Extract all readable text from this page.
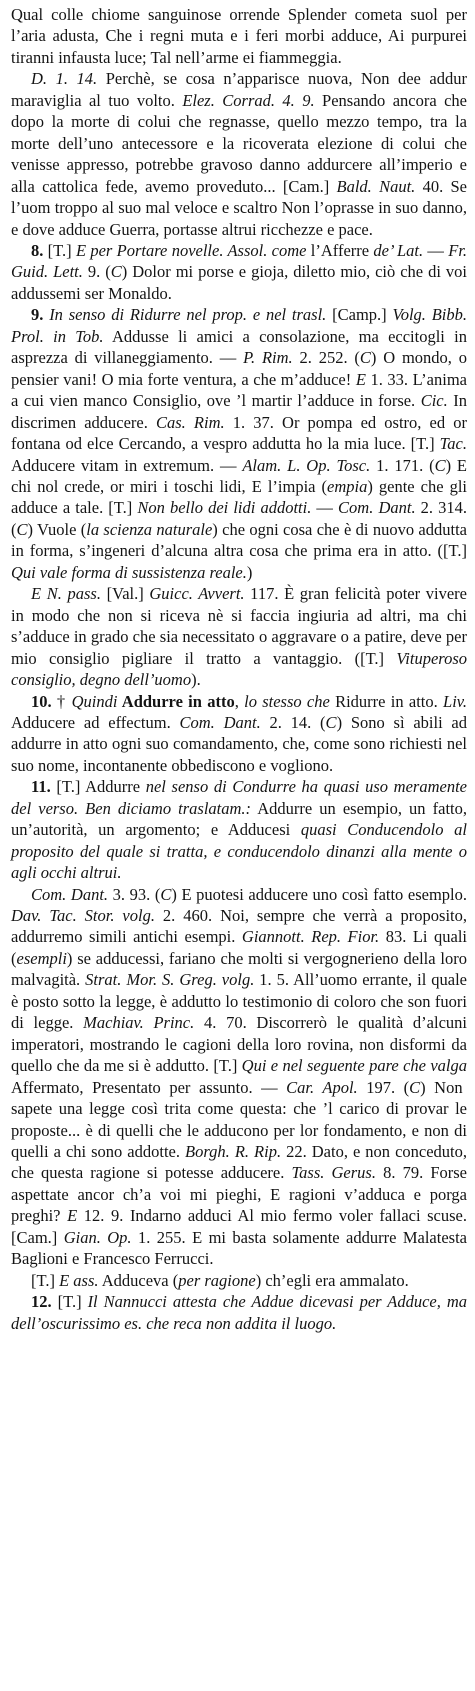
Qual colle chiome sanguinose orrende Splender cometa suol per l’aria adusta, Che i regni muta e i feri morbi adduce, Ai purpurei tiranni infausta luce; Tal nell’arme ei fiammeggia.

D. 1. 14. Perchè, se cosa n’apparisce nuova, Non dee addur maraviglia al tuo volto. Elez. Corrad. 4. 9. Pensando ancora che dopo la morte di colui che regnasse, quello mezzo tempo, tra la morte dell’uno antecessore e la ricoverata elezione di colui che venisse appresso, potrebbe gravoso danno addurcere all’imperio e alla cattolica fede, avemo proveduto... [Cam.] Bald. Naut. 40. Se l’uom troppo al suo mal veloce e scaltro Non l’oprasse in suo danno, e dove adduce Guerra, portasse altrui ricchezze e pace.

8. [T.] E per Portare novelle. Assol. come l’Afferre de’ Lat. — Fr. Guid. Lett. 9. (C) Dolor mi porse e gioja, diletto mio, ciò che di voi addussemi ser Monaldo.

9. In senso di Ridurre nel prop. e nel trasl. [Camp.] Volg. Bibb. Prol. in Tob. Addusse li amici a consolazione, ma eccitogli in asprezza di villaneggiamento. — P. Rim. 2. 252. (C) O mondo, o pensier vani! O mia forte ventura, a che m’adduce! E 1. 33. L’anima a cui vien manco Consiglio, ove ’l martir l’adduce in forse. Cic. In discrimen adducere. Cas. Rim. 1. 37. Or pompa ed ostro, ed or fontana od elce Cercando, a vespro addutta ho la mia luce. [T.] Tac. Adducere vitam in extremum. — Alam. L. Op. Tosc. 1. 171. (C) E chi nol crede, or miri i toschi lidi, E l’impia (empia) gente che gli adduce a tale. [T.] Non bello dei lidi addotti. — Com. Dant. 2. 314. (C) Vuole (la scienza naturale) che ogni cosa che è di nuovo addutta in forma, s’ingeneri d’alcuna altra cosa che prima era in atto. ([T.] Qui vale forma di sussistenza reale.)

E N. pass. [Val.] Guicc. Avvert. 117. È gran felicità poter vivere in modo che non si riceva nè si faccia ingiuria ad altri, ma chi s’adduce in grado che sia necessitato o aggravare o a patire, deve per mio consiglio pigliare il tratto a vantaggio. ([T.] Vituperoso consiglio, degno dell’uomo).

10. † Quindi Addurre in atto, lo stesso che Ridurre in atto. Liv. Adducere ad effectum. Com. Dant. 2. 14. (C) Sono sì abili ad addurre in atto ogni suo comandamento, che, come sono richiesti nel suo nome, incontanente obbediscono e vogliono.

11. [T.] Addurre nel senso di Condurre ha quasi uso meramente del verso. Ben diciamo traslatam.: Addurre un esempio, un fatto, un’autorità, un argomento; e Adducesi quasi Conducendolo al proposito del quale si tratta, e conducendolo dinanzi alla mente o agli occhi altrui.

Com. Dant. 3. 93. (C) E puotesi adducere uno così fatto esemplo. Dav. Tac. Stor. volg. 2. 460. Noi, sempre che verrà a proposito, addurremo simili antichi esempi. Giannott. Rep. Fior. 83. Li quali (esempli) se adducessi, fariano che molti si vergognerieno della loro malvagità. Strat. Mor. S. Greg. volg. 1. 5. All’uomo errante, il quale è posto sotto la legge, è addutto lo testimonio di coloro che son fuori di legge. Machiav. Princ. 4. 70. Discorrerò le qualità d’alcuni imperatori, mostrando le cagioni della loro rovina, non disformi da quello che da me si è addutto. [T.] Qui e nel seguente pare che valga Affermato, Presentato per assunto. — Car. Apol. 197. (C) Non sapete una legge così trita come questa: che ’l carico di provar le proposte... è di quelli che le adducono per lor fondamento, e non di quelli a chi sono addotte. Borgh. R. Rip. 22. Dato, e non conceduto, che questa ragione si potesse adducere. Tass. Gerus. 8. 79. Forse aspettate ancor ch’a voi mi pieghi, E ragioni v’adduca e porga preghi? E 12. 9. Indarno adduci Al mio fermo voler fallaci scuse. [Cam.] Gian. Op. 1. 255. E mi basta solamente addurre Malatesta Baglioni e Francesco Ferrucci.

[T.] E ass. Adduceva (per ragione) ch’egli era ammalato.

12. [T.] Il Nannucci attesta che Addue dicevasi per Adduce, ma dell’oscurissimo es. che reca non addita il luogo.
